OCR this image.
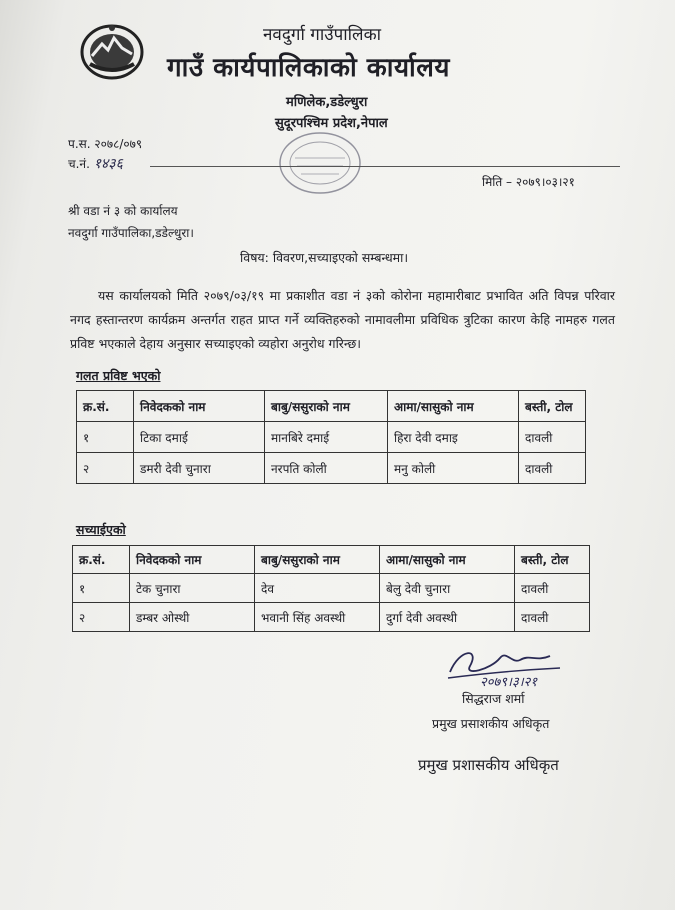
नवदुर्गा गाउँपालिका
गाउँ कार्यपालिकाको कार्यालय
मणिलेक,डडेल्धुरा
सुदूरपश्चिम प्रदेश,नेपाल
प.स. २०७८/०७९
च.नं. १४३६
मिति – २०७९।०३।२१
श्री वडा नं ३ को कार्यालय
नवदुर्गा गाउँपालिका,डडेल्धुरा।
विषय: विवरण,सच्याइएको सम्बन्धमा।
यस कार्यालयको मिति २०७९/०३/१९ मा प्रकाशीत वडा नं ३को कोरोना महामारीबाट प्रभावित अति विपन्न परिवार नगद हस्तान्तरण कार्यक्रम अन्तर्गत राहत प्राप्त गर्ने व्यक्तिहरुको नामावलीमा प्रविधिक त्रुटिका कारण केहि नामहरु गलत प्रविष्ट भएकाले देहाय अनुसार सच्याइएको व्यहोरा अनुरोध गरिन्छ।
गलत प्रविष्ट भएको
क्र.सं.	निवेदकको नाम	बाबु/ससुराको नाम	आमा/सासुको नाम	बस्ती, टोल
१	टिका दमाई	मानबिरे दमाई	हिरा देवी दमाइ	दावली
२	डमरी देवी चुनारा	नरपति कोली	मनु कोली	दावली
सच्याईएको
क्र.सं.	निवेदकको नाम	बाबु/ससुराको नाम	आमा/सासुको नाम	बस्ती, टोल
१	टेक चुनारा	देव	बेलु देवी चुनारा	दावली
२	डम्बर ओस्थी	भवानी सिंह अवस्थी	दुर्गा देवी अवस्थी	दावली
२०७९।३।२१
सिद्धराज शर्मा
प्रमुख प्रसाशकीय अधिकृत
प्रमुख प्रशासकीय अधिकृत
